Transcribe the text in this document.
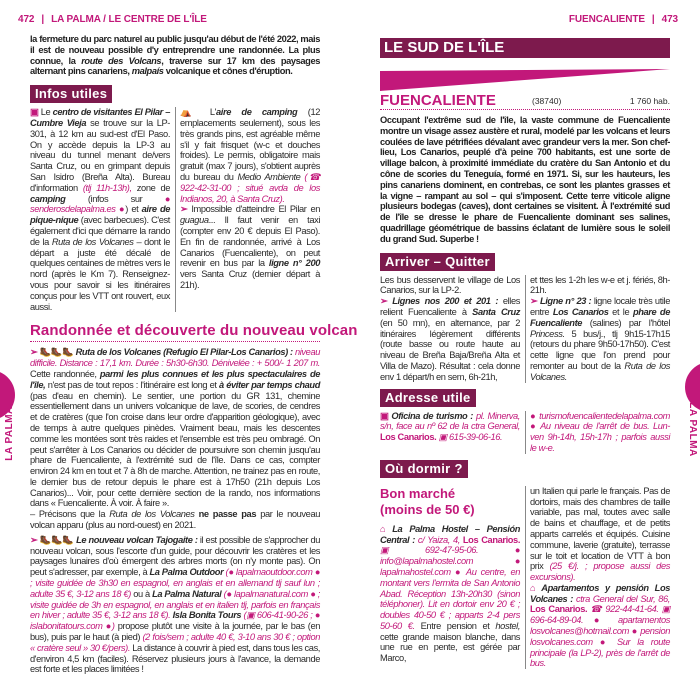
LA PALMA	LA PALMA
472 | LA PALMA / LE CENTRE DE L'ÎLE
la fermeture du parc naturel au public jusqu'au début de l'été 2022, mais il est de nouveau possible d'y entreprendre une randonnée. La plus connue, la route des Volcans, traverse sur 17 km des paysages alternant pins canariens, malpaís volcanique et cônes d'éruption.
Infos utiles
▣ Le centro de visitantes El Pilar – Cumbre Vieja se trouve sur la LP-301, à 12 km au sud-est d'El Paso. On y accède depuis la LP-3 au niveau du tunnel menant de/vers Santa Cruz, ou en grimpant depuis San Isidro (Breña Alta). Bureau d'information (tlj 11h-13h), zone de camping (infos sur ● senderosdelapalma.es ●) et aire de pique-nique (avec barbecues). C'est également d'ici que démarre la rando de la Ruta de los Volcanes – dont le départ a juste été décalé de quelques centaines de mètres vers le nord (après le Km 7). Renseignez-vous pour savoir si les itinéraires conçus pour les VTT ont rouvert, eux aussi.
⛺ L'aire de camping (12 emplacements seulement), sous les très grands pins, est agréable même s'il y fait frisquet (w-c et douches froides). Le permis, obligatoire mais gratuit (max 7 jours), s'obtient auprès du bureau du Medio Ambiente (☎ 922-42-31-00 ; situé avda de los Indianos, 20, à Santa Cruz).
➢ Impossible d'atteindre El Pilar en guagua... Il faut venir en taxi (compter env 20 € depuis El Paso). En fin de randonnée, arrivé à Los Canarios (Fuencaliente), on peut revenir en bus par la ligne n° 200 vers Santa Cruz (dernier départ à 21h).
Randonnée et découverte du nouveau volcan
➢ 🥾🥾🥾 Ruta de los Volcanes (Refugio El Pilar-Los Canarios) : niveau difficile. Distance : 17,1 km. Durée : 5h30-6h30. Dénivelée : + 500/- 1 207 m. Cette randonnée, parmi les plus connues et les plus spectaculaires de l'île, n'est pas de tout repos : l'itinéraire est long et à éviter par temps chaud (pas d'eau en chemin). Le sentier, une portion du GR 131, chemine essentiellement dans un univers volcanique de lave, de scories, de cendres et de cratères (que l'on croise dans leur ordre d'apparition géologique), avec de temps à autre quelques pinèdes. Vraiment beau, mais les descentes comme les montées sont très raides et l'ensemble est très peu ombragé. On peut s'arrêter à Los Canarios ou décider de poursuivre son chemin jusqu'au phare de Fuencaliente, à l'extrémité sud de l'île. Dans ce cas, compter environ 24 km en tout et 7 à 8h de marche. Attention, ne trainez pas en route, le dernier bus de retour depuis le phare est à 17h50 (21h depuis Los Canarios)... Voir, pour cette dernière section de la rando, nos informations dans « Fuencaliente. À voir. À faire ».
– Précisons que la Ruta de los Volcanes ne passe pas par le nouveau volcan apparu (plus au nord-ouest) en 2021.
➢ 🥾🥾🥾 Le nouveau volcan Tajogaite : il est possible de s'approcher du nouveau volcan, sous l'escorte d'un guide, pour découvrir les cratères et les paysages lunaires d'où émergent des arbres morts (on n'y monte pas). On peut s'adresser, par exemple, à La Palma Outdoor (● lapalmaoutdoor.com ● ; visite guidée de 3h30 en espagnol, en anglais et en allemand tlj sauf lun ; adulte 35 €, 3-12 ans 18 €) ou à La Palma Natural (● lapalmanatural.com ● ; visite guidée de 3h en espagnol, en anglais et en italien tlj, parfois en français en hiver ; adulte 35 €, 3-12 ans 18 €). Isla Bonita Tours (▣ 606-41-90-26 ; ● islabonitatours.com ●) propose plutôt une visite à la journée, par le bas (en bus), puis par le haut (à pied) (2 fois/sem ; adulte 40 €, 3-10 ans 30 € ; option « cratère seul » 30 €/pers). La distance à couvrir à pied est, dans tous les cas, d'environ 4,5 km (faciles). Réservez plusieurs jours à l'avance, la demande est forte et les places limitées !
FUENCALIENTE | 473
LE SUD DE L'ÎLE
FUENCALIENTE	(38740)	1 760 hab.
Occupant l'extrême sud de l'île, la vaste commune de Fuencaliente montre un visage assez austère et rural, modelé par les volcans et leurs coulées de lave pétrifiées dévalant avec grandeur vers la mer. Son chef-lieu, Los Canarios, peuplé d'à peine 700 habitants, est une sorte de village balcon, à proximité immédiate du cratère du San Antonio et du cône de scories du Teneguía, formé en 1971. Si, sur les hauteurs, les pins canariens dominent, en contrebas, ce sont les plantes grasses et la vigne – rampant au sol – qui s'imposent. Cette terre viticole aligne plusieurs bodegas (caves), dont certaines se visitent. À l'extrémité sud de l'île se dresse le phare de Fuencaliente dominant ses salines, quadrillage géométrique de bassins éclatant de lumière sous le soleil du grand Sud. Superbe !
Arriver – Quitter
Les bus desservent le village de Los Canarios, sur la LP-2.
➢ Lignes nos 200 et 201 : elles relient Fuencaliente à Santa Cruz (en 50 mn), en alternance, par 2 itinéraires légèrement différents (route basse ou route haute au niveau de Breña Baja/Breña Alta et Villa de Mazo). Résultat : cela donne env 1 départ/h en sem, 6h-21h,
et ttes les 1-2h les w-e et j. fériés, 8h-21h.
➢ Ligne n° 23 : ligne locale très utile entre Los Canarios et le phare de Fuencaliente (salines) par l'hôtel Princess. 5 bus/j., tlj 9h15-17h15 (retours du phare 9h50-17h50). C'est cette ligne que l'on prend pour remonter au bout de la Ruta de los Volcanes.
Adresse utile
▣ Oficina de turismo : pl. Minerva, s/n, face au nº 62 de la ctra General, Los Canarios. ▣ 615-39-06-16.
● turismofuencalientedelapalma.com ● Au niveau de l'arrêt de bus. Lun-ven 9h-14h, 15h-17h ; parfois aussi le w-e.
Où dormir ?
Bon marché
(moins de 50 €)
⌂ La Palma Hostel – Pensión Central : c/ Yaiza, 4, Los Canarios. ▣ 692-47-95-06. ● info@lapalmahostel.com ● lapalmahostel.com ● Au centre, en montant vers l'ermita de San Antonio Abad. Réception 13h-20h30 (sinon téléphoner). Lit en dortoir env 20 € ; doubles 40-50 € ; apparts 2-4 pers 50-60 €. Entre pension et hostel, cette grande maison blanche, dans une rue en pente, est gérée par Marco,
un Italien qui parle le français. Pas de dortoirs, mais des chambres de taille variable, pas mal, toutes avec salle de bains et chauffage, et de petits apparts carrelés et équipés. Cuisine commune, laverie (gratuite), terrasse sur le toit et location de VTT à bon prix (25 €/j. ; propose aussi des excursions).
⌂ Apartamentos y pensión Los Volcanes : ctra General del Sur, 86, Los Canarios. ☎ 922-44-41-64. ▣ 696-64-89-04. ● apartamentos losvolcanes@hotmail.com ● pension losvolcanes.com ● Sur la route principale (la LP-2), près de l'arrêt de bus.
